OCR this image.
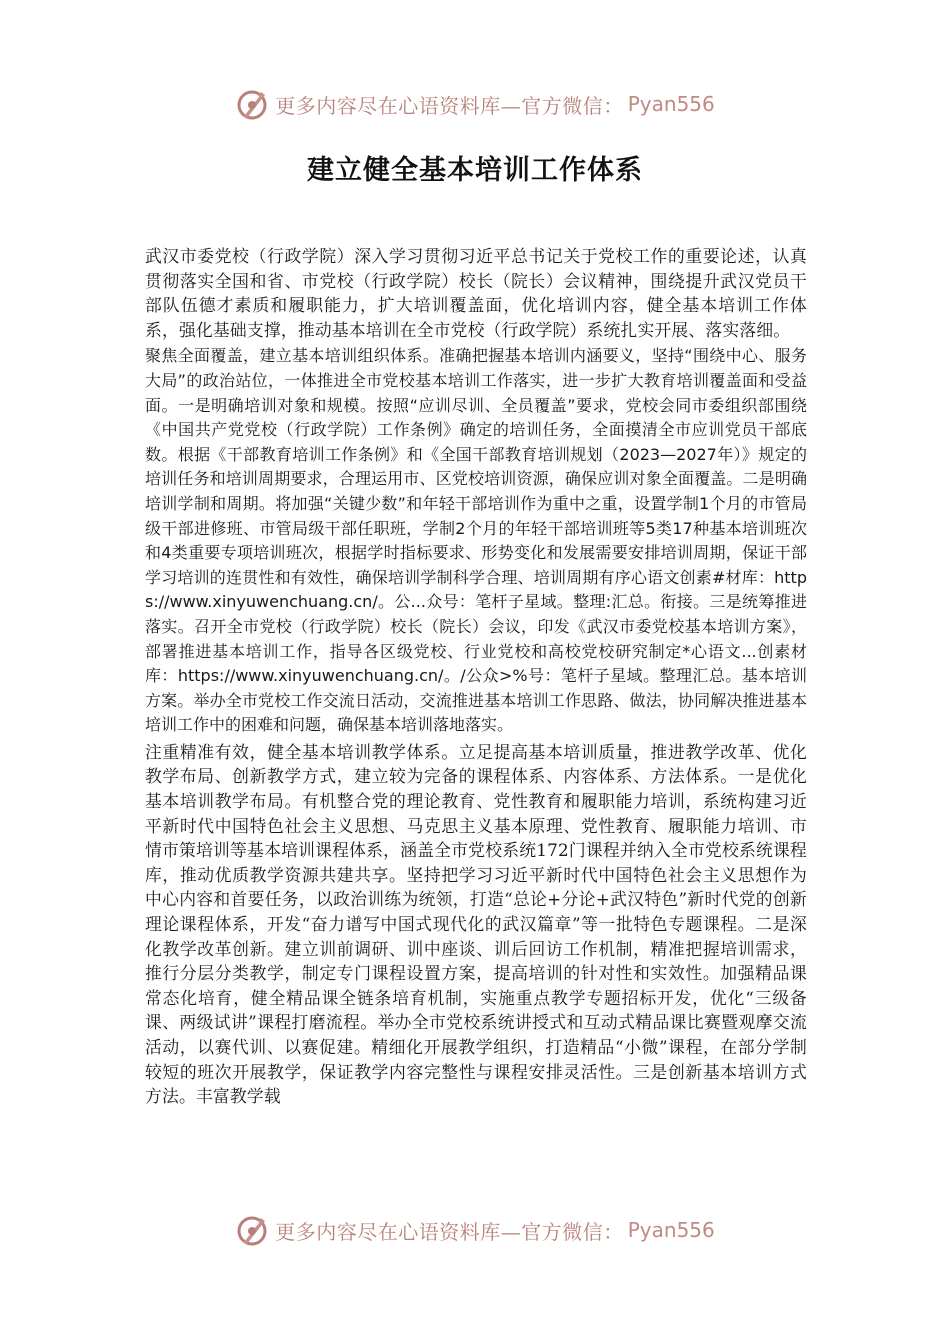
更多内容尽在心语资料库—官方微信： Pyan556
建立健全基本培训工作体系

武汉市委党校（行政学院）深入学习贯彻习近平总书记关于党校工作的重要论述，认真贯彻落实全国和省、市党校（行政学院）校长（院长）会议精神，围绕提升武汉党员干部队伍德才素质和履职能力，扩大培训覆盖面，优化培训内容，健全基本培训工作体系，强化基础支撑，推动基本培训在全市党校（行政学院）系统扎实开展、落实落细。

聚焦全面覆盖，建立基本培训组织体系。准确把握基本培训内涵要义，坚持“围绕中心、服务大局”的政治站位，一体推进全市党校基本培训工作落实，进一步扩大教育培训覆盖面和受益面。一是明确培训对象和规模。按照“应训尽训、全员覆盖”要求，党校会同市委组织部围绕《中国共产党党校（行政学院）工作条例》确定的培训任务，全面摸清全市应训党员干部底数。根据《干部教育培训工作条例》和《全国干部教育培训规划（2023—2027年）》规定的培训任务和培训周期要求，合理运用市、区党校培训资源，确保应训对象全面覆盖。二是明确培训学制和周期。将加强“关键少数”和年轻干部培训作为重中之重，设置学制1个月的市管局级干部进修班、市管局级干部任职班，学制2个月的年轻干部培训班等5类17种基本培训班次和4类重要专项培训班次，根据学时指标要求、形势变化和发展需要安排培训周期，保证干部学习培训的连贯性和有效性，确保培训学制科学合理、培训周期有序心语文创素#材库：https://www.xinyuwenchuang.cn/。公...众号：笔杆子星域。整理:汇总。衔接。三是统筹推进落实。召开全市党校（行政学院）校长（院长）会议，印发《武汉市委党校基本培训方案》，部署推进基本培训工作，指导各区级党校、行业党校和高校党校研究制定*心语文...创素材库：https://www.xinyuwenchuang.cn/。/公众>%号：笔杆子星域。整理汇总。基本培训方案。举办全市党校工作交流日活动，交流推进基本培训工作思路、做法，协同解决推进基本培训工作中的困难和问题，确保基本培训落地落实。

注重精准有效，健全基本培训教学体系。立足提高基本培训质量，推进教学改革、优化教学布局、创新教学方式，建立较为完备的课程体系、内容体系、方法体系。一是优化基本培训教学布局。有机整合党的理论教育、党性教育和履职能力培训，系统构建习近平新时代中国特色社会主义思想、马克思主义基本原理、党性教育、履职能力培训、市情市策培训等基本培训课程体系，涵盖全市党校系统172门课程并纳入全市党校系统课程库，推动优质教学资源共建共享。坚持把学习习近平新时代中国特色社会主义思想作为中心内容和首要任务，以政治训练为统领，打造“总论+分论+武汉特色”新时代党的创新理论课程体系，开发“奋力谱写中国式现代化的武汉篇章”等一批特色专题课程。二是深化教学改革创新。建立训前调研、训中座谈、训后回访工作机制，精准把握培训需求，推行分层分类教学，制定专门课程设置方案，提高培训的针对性和实效性。加强精品课常态化培育，健全精品课全链条培育机制，实施重点教学专题招标开发，优化“三级备课、两级试讲”课程打磨流程。举办全市党校系统讲授式和互动式精品课比赛暨观摩交流活动，以赛代训、以赛促建。精细化开展教学组织，打造精品“小微”课程，在部分学制较短的班次开展教学，保证教学内容完整性与课程安排灵活性。三是创新基本培训方式方法。丰富教学载

更多内容尽在心语资料库—官方微信： Pyan556
